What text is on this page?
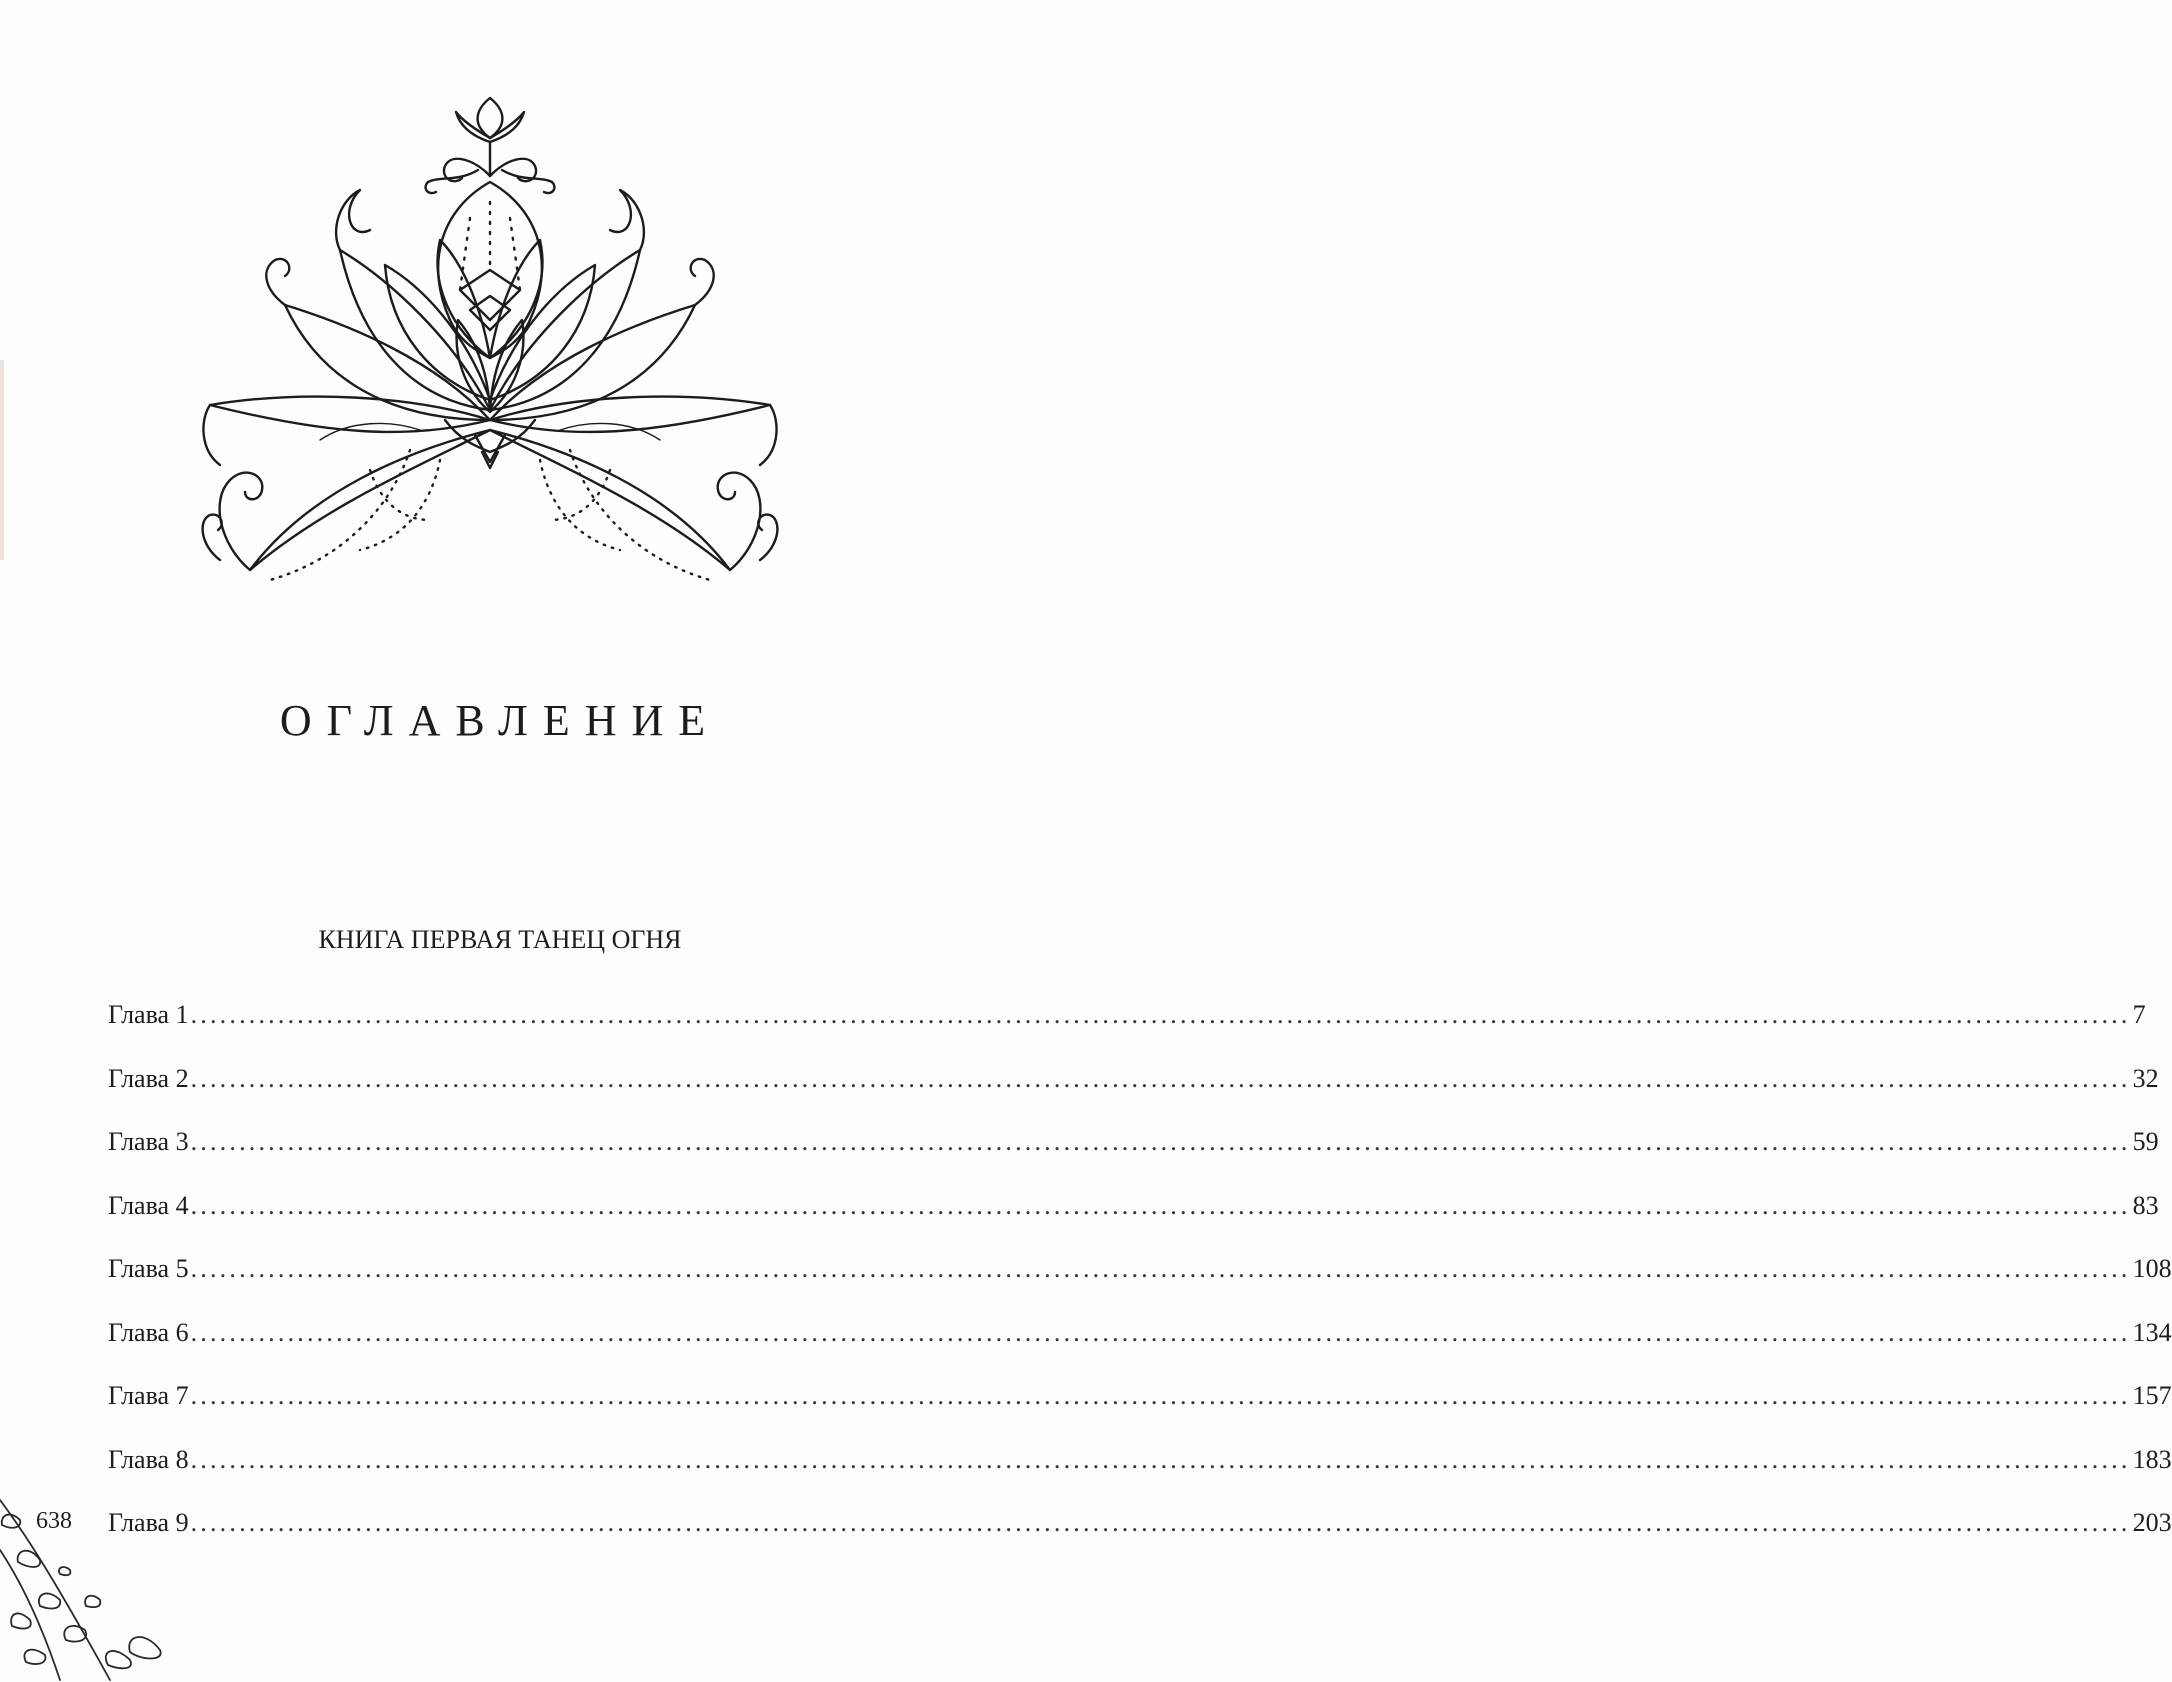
ОГЛАВЛЕНИЕ
КНИГА ПЕРВАЯ ТАНЕЦ ОГНЯ
Глава 1 ........................................................................................................................................................................................................ 7
Глава 2 ........................................................................................................................................................................................................ 32
Глава 3 ........................................................................................................................................................................................................ 59
Глава 4 ........................................................................................................................................................................................................ 83
Глава 5 ........................................................................................................................................................................................................ 108
Глава 6 ........................................................................................................................................................................................................ 134
Глава 7 ........................................................................................................................................................................................................ 157
Глава 8 ........................................................................................................................................................................................................ 183
Глава 9 ........................................................................................................................................................................................................ 203
638
